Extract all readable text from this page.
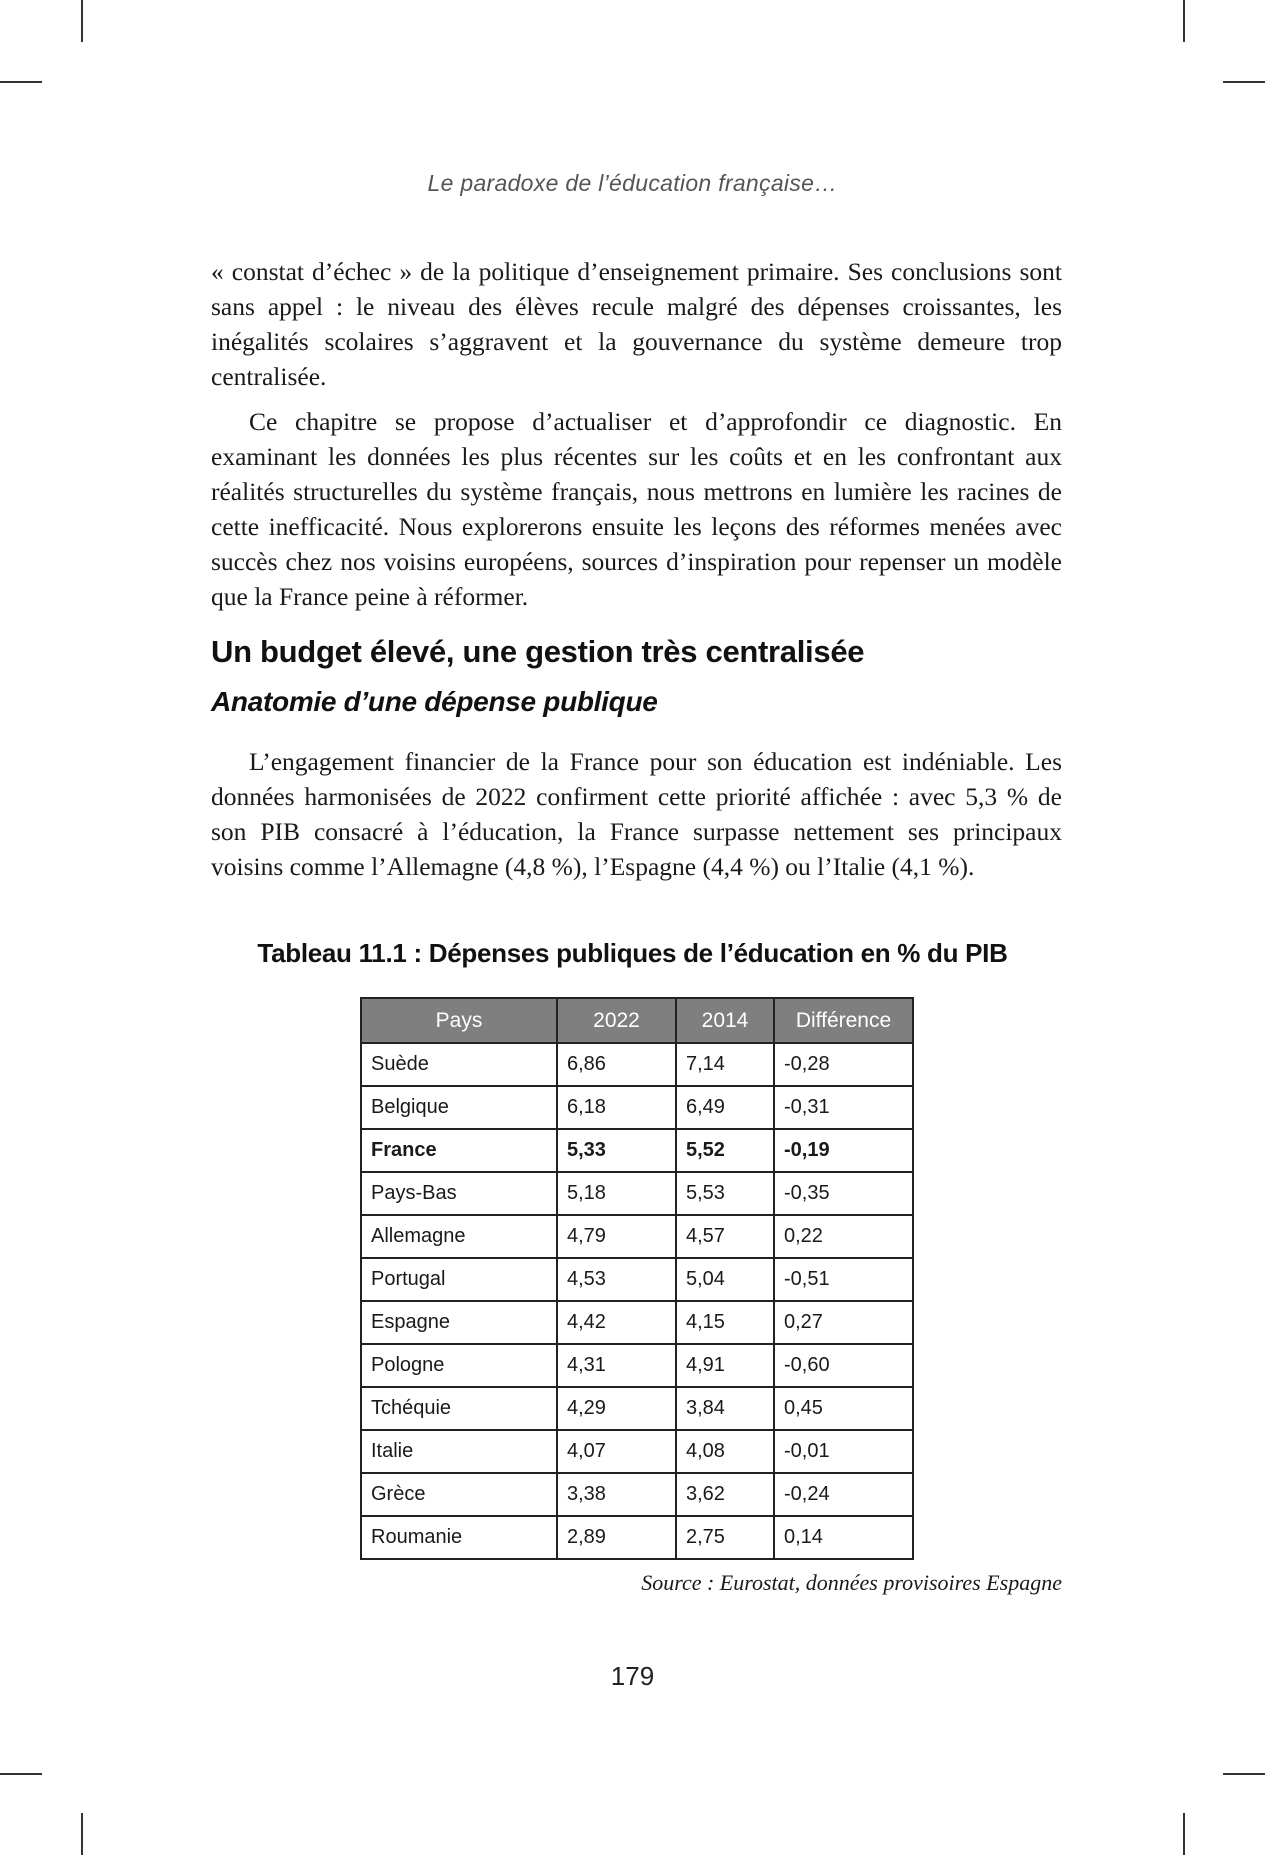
Le paradoxe de l’éducation française…

« constat d’échec » de la politique d’enseignement primaire. Ses conclusions sont sans appel : le niveau des élèves recule malgré des dépenses croissantes, les inégalités scolaires s’aggravent et la gouvernance du système demeure trop centralisée.

Ce chapitre se propose d’actualiser et d’approfondir ce diagnostic. En examinant les données les plus récentes sur les coûts et en les confrontant aux réalités structurelles du système français, nous mettrons en lumière les racines de cette inefficacité. Nous explorerons ensuite les leçons des réformes menées avec succès chez nos voisins européens, sources d’inspiration pour repenser un modèle que la France peine à réformer.

Un budget élevé, une gestion très centralisée
Anatomie d’une dépense publique

L’engagement financier de la France pour son éducation est indéniable. Les données harmonisées de 2022 confirment cette priorité affichée : avec 5,3 % de son PIB consacré à l’éducation, la France surpasse nettement ses principaux voisins comme l’Allemagne (4,8 %), l’Espagne (4,4 %) ou l’Italie (4,1 %).

Tableau 11.1 : Dépenses publiques de l’éducation en % du PIB
Pays	2022	2014	Différence
Suède	6,86	7,14	-0,28
Belgique	6,18	6,49	-0,31
France	5,33	5,52	-0,19
Pays-Bas	5,18	5,53	-0,35
Allemagne	4,79	4,57	0,22
Portugal	4,53	5,04	-0,51
Espagne	4,42	4,15	0,27
Pologne	4,31	4,91	-0,60
Tchéquie	4,29	3,84	0,45
Italie	4,07	4,08	-0,01
Grèce	3,38	3,62	-0,24
Roumanie	2,89	2,75	0,14
Source : Eurostat, données provisoires Espagne
179
